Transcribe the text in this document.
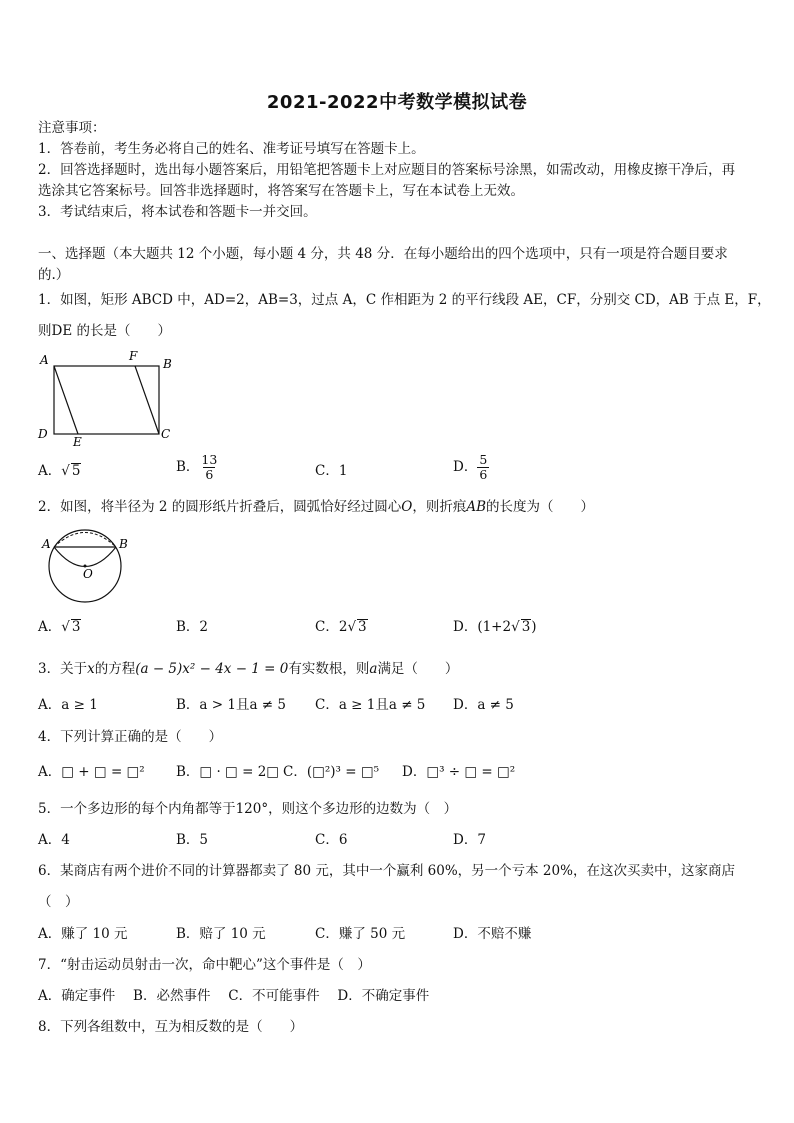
2021-2022中考数学模拟试卷
注意事项：
1．答卷前，考生务必将自己的姓名、准考证号填写在答题卡上。
2．回答选择题时，选出每小题答案后，用铅笔把答题卡上对应题目的答案标号涂黑，如需改动，用橡皮擦干净后，再
选涂其它答案标号。回答非选择题时，将答案写在答题卡上，写在本试卷上无效。
3．考试结束后，将本试卷和答题卡一并交回。
一、选择题（本大题共 12 个小题，每小题 4 分，共 48 分．在每小题给出的四个选项中，只有一项是符合题目要求
的.）
1．如图，矩形 ABCD 中，AD=2，AB=3，过点 A，C 作相距为 2 的平行线段 AE，CF，分别交 CD，AB 于点 E，F，
则DE 的长是（　　）
A	F
B
D
E
C
A．√ 5	B． $\frac{13}{6}$	C．1	D． $\frac{5}{6}$
2．如图，将半径为 2 的圆形纸片折叠后，圆弧恰好经过圆心O，则折痕AB的长度为（　　）
A	B
O
A．√ 3	B．2	C．2√ 3	D．(1+2√ 3)
3．关于x的方程(a − 5)x² − 4x − 1 = 0有实数根，则a满足（　　）
A．a ≥ 1	B．a > 1且a ≠ 5 C．a ≥ 1且a ≠ 5 D．a ≠ 5
4．下列计算正确的是（　　）
A．□ + □ = □² B．□ · □ = 2□ C．(□²)³ = □⁵ D．□³ ÷ □ = □²
5．一个多边形的每个内角都等于120°，则这个多边形的边数为（　）
A．4	B．5	C．6	D．7
6．某商店有两个进价不同的计算器都卖了 80 元，其中一个赢利 60%，另一个亏本 20%，在这次买卖中，这家商店
（　）
A．赚了 10 元	B．赔了 10 元	C．赚了 50 元	D．不赔不赚
7．“射击运动员射击一次，命中靶心”这个事件是（　）
A．确定事件　 B．必然事件　 C．不可能事件　 D．不确定事件
8．下列各组数中，互为相反数的是（　　）
